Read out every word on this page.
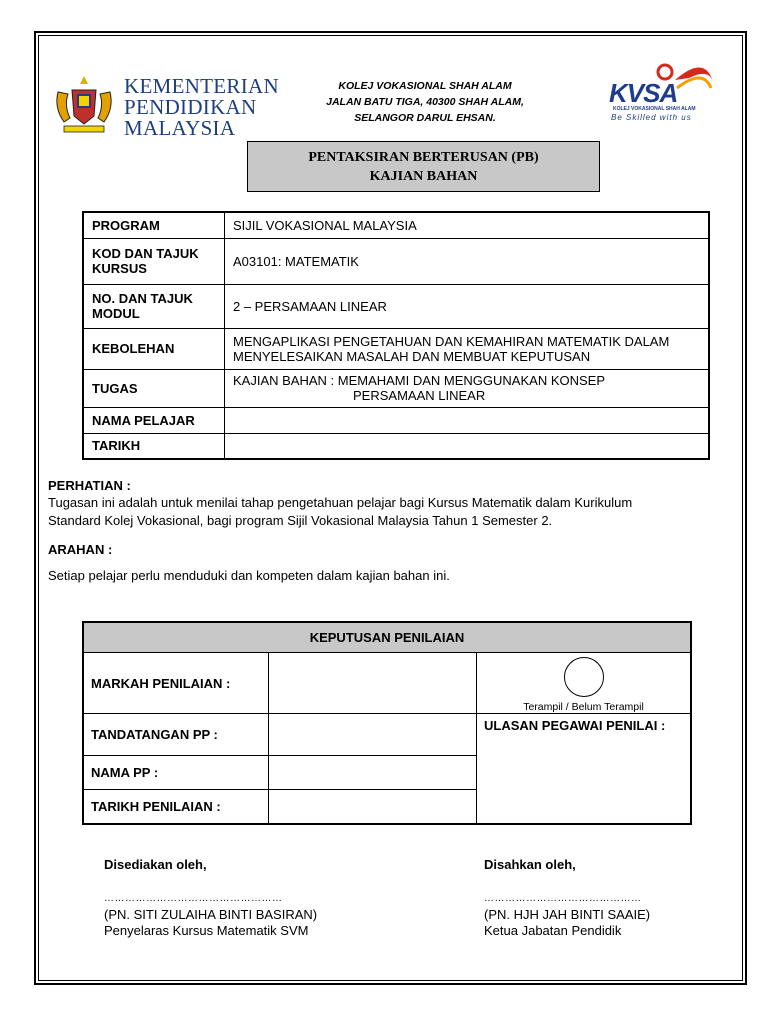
KEMENTERIAN
PENDIDIKAN
MALAYSIA
KOLEJ VOKASIONAL SHAH ALAM
JALAN BATU TIGA, 40300 SHAH ALAM,
SELANGOR DARUL EHSAN.
KVSA
KOLEJ VOKASIONAL SHAH ALAM
Be Skilled with us
PENTAKSIRAN BERTERUSAN (PB)
KAJIAN BAHAN
PROGRAM	SIJIL VOKASIONAL MALAYSIA
KOD DAN TAJUK KURSUS	A03101: MATEMATIK
NO. DAN TAJUK MODUL	2 – PERSAMAAN LINEAR
KEBOLEHAN	MENGAPLIKASI PENGETAHUAN DAN KEMAHIRAN MATEMATIK DALAM MENYELESAIKAN MASALAH DAN MEMBUAT KEPUTUSAN
TUGAS	KAJIAN BAHAN : MEMAHAMI DAN MENGGUNAKAN KONSEP
PERSAMAAN LINEAR

NAMA PELAJAR	
TARIKH	
PERHATIAN :
Tugasan ini adalah untuk menilai tahap pengetahuan pelajar bagi Kursus Matematik dalam Kurikulum
Standard Kolej Vokasional, bagi program Sijil Vokasional Malaysia Tahun 1 Semester 2.
ARAHAN :
Setiap pelajar perlu menduduki dan kompeten dalam kajian bahan ini.
KEPUTUSAN PENILAIAN		
MARKAH PENILAIAN :		Terampil / Belum Terampil

TANDATANGAN PP :		ULASAN PEGAWAI PENILAI :
NAMA PP :		
TARIKH PENILAIAN :		
Disediakan oleh,
……………………………………………
(PN. SITI ZULAIHA BINTI BASIRAN)
Penyelaras Kursus Matematik SVM
Disahkan oleh,
………………………………………
(PN. HJH JAH BINTI SAAIE)
Ketua Jabatan Pendidik
